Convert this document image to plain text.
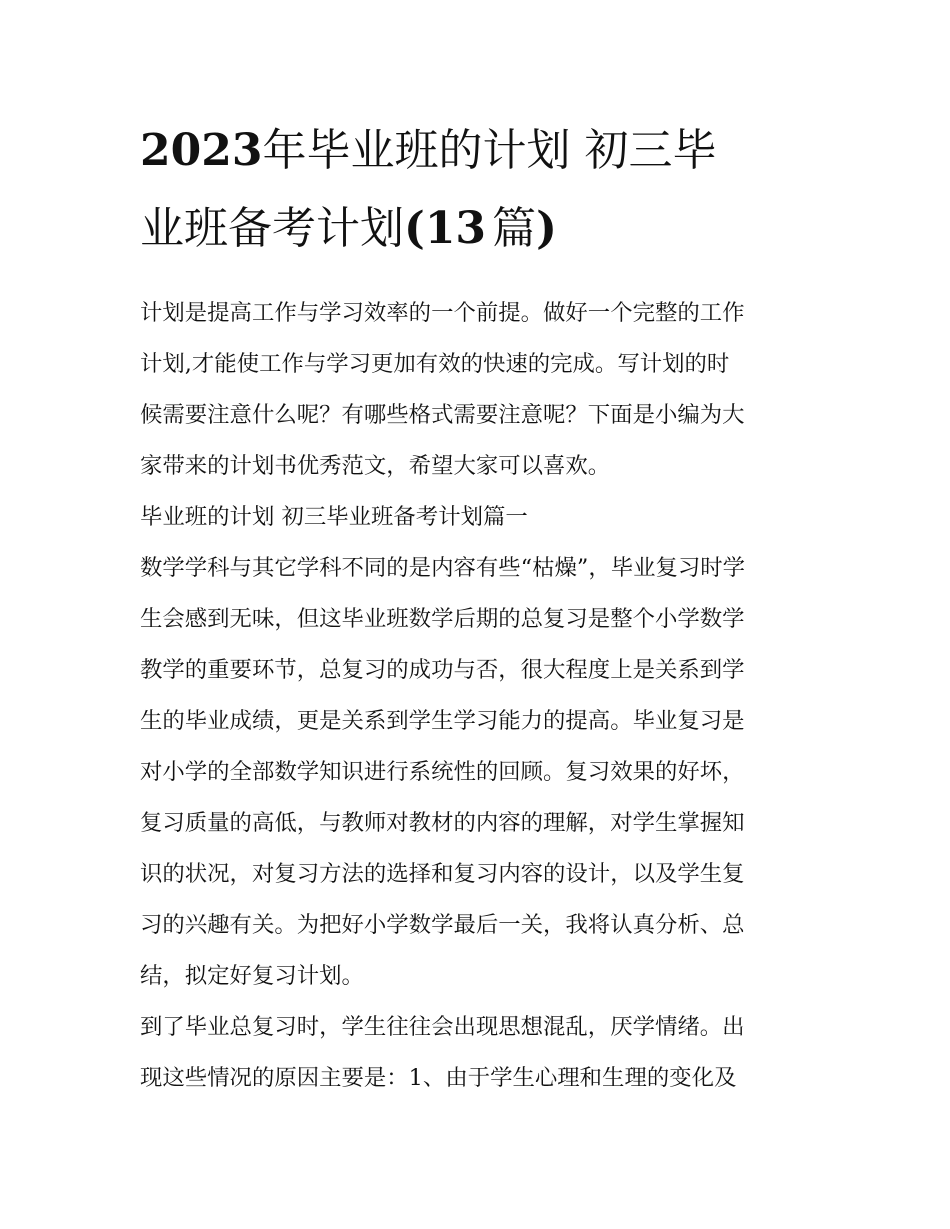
2023年毕业班的计划 初三毕
业班备考计划(13 篇)

计划是提高工作与学习效率的一个前提。做好一个完整的工作
计划,才能使工作与学习更加有效的快速的完成。写计划的时
候需要注意什么呢？有哪些格式需要注意呢？下面是小编为大
家带来的计划书优秀范文，希望大家可以喜欢。

毕业班的计划 初三毕业班备考计划篇一

数学学科与其它学科不同的是内容有些“枯燥”，毕业复习时学
生会感到无味，但这毕业班数学后期的总复习是整个小学数学
教学的重要环节，总复习的成功与否，很大程度上是关系到学
生的毕业成绩，更是关系到学生学习能力的提高。毕业复习是
对小学的全部数学知识进行系统性的回顾。复习效果的好坏，
复习质量的高低，与教师对教材的内容的理解，对学生掌握知
识的状况，对复习方法的选择和复习内容的设计，以及学生复
习的兴趣有关。为把好小学数学最后一关，我将认真分析、总
结，拟定好复习计划。

到了毕业总复习时，学生往往会出现思想混乱，厌学情绪。出
现这些情况的原因主要是：1、由于学生心理和生理的变化及
